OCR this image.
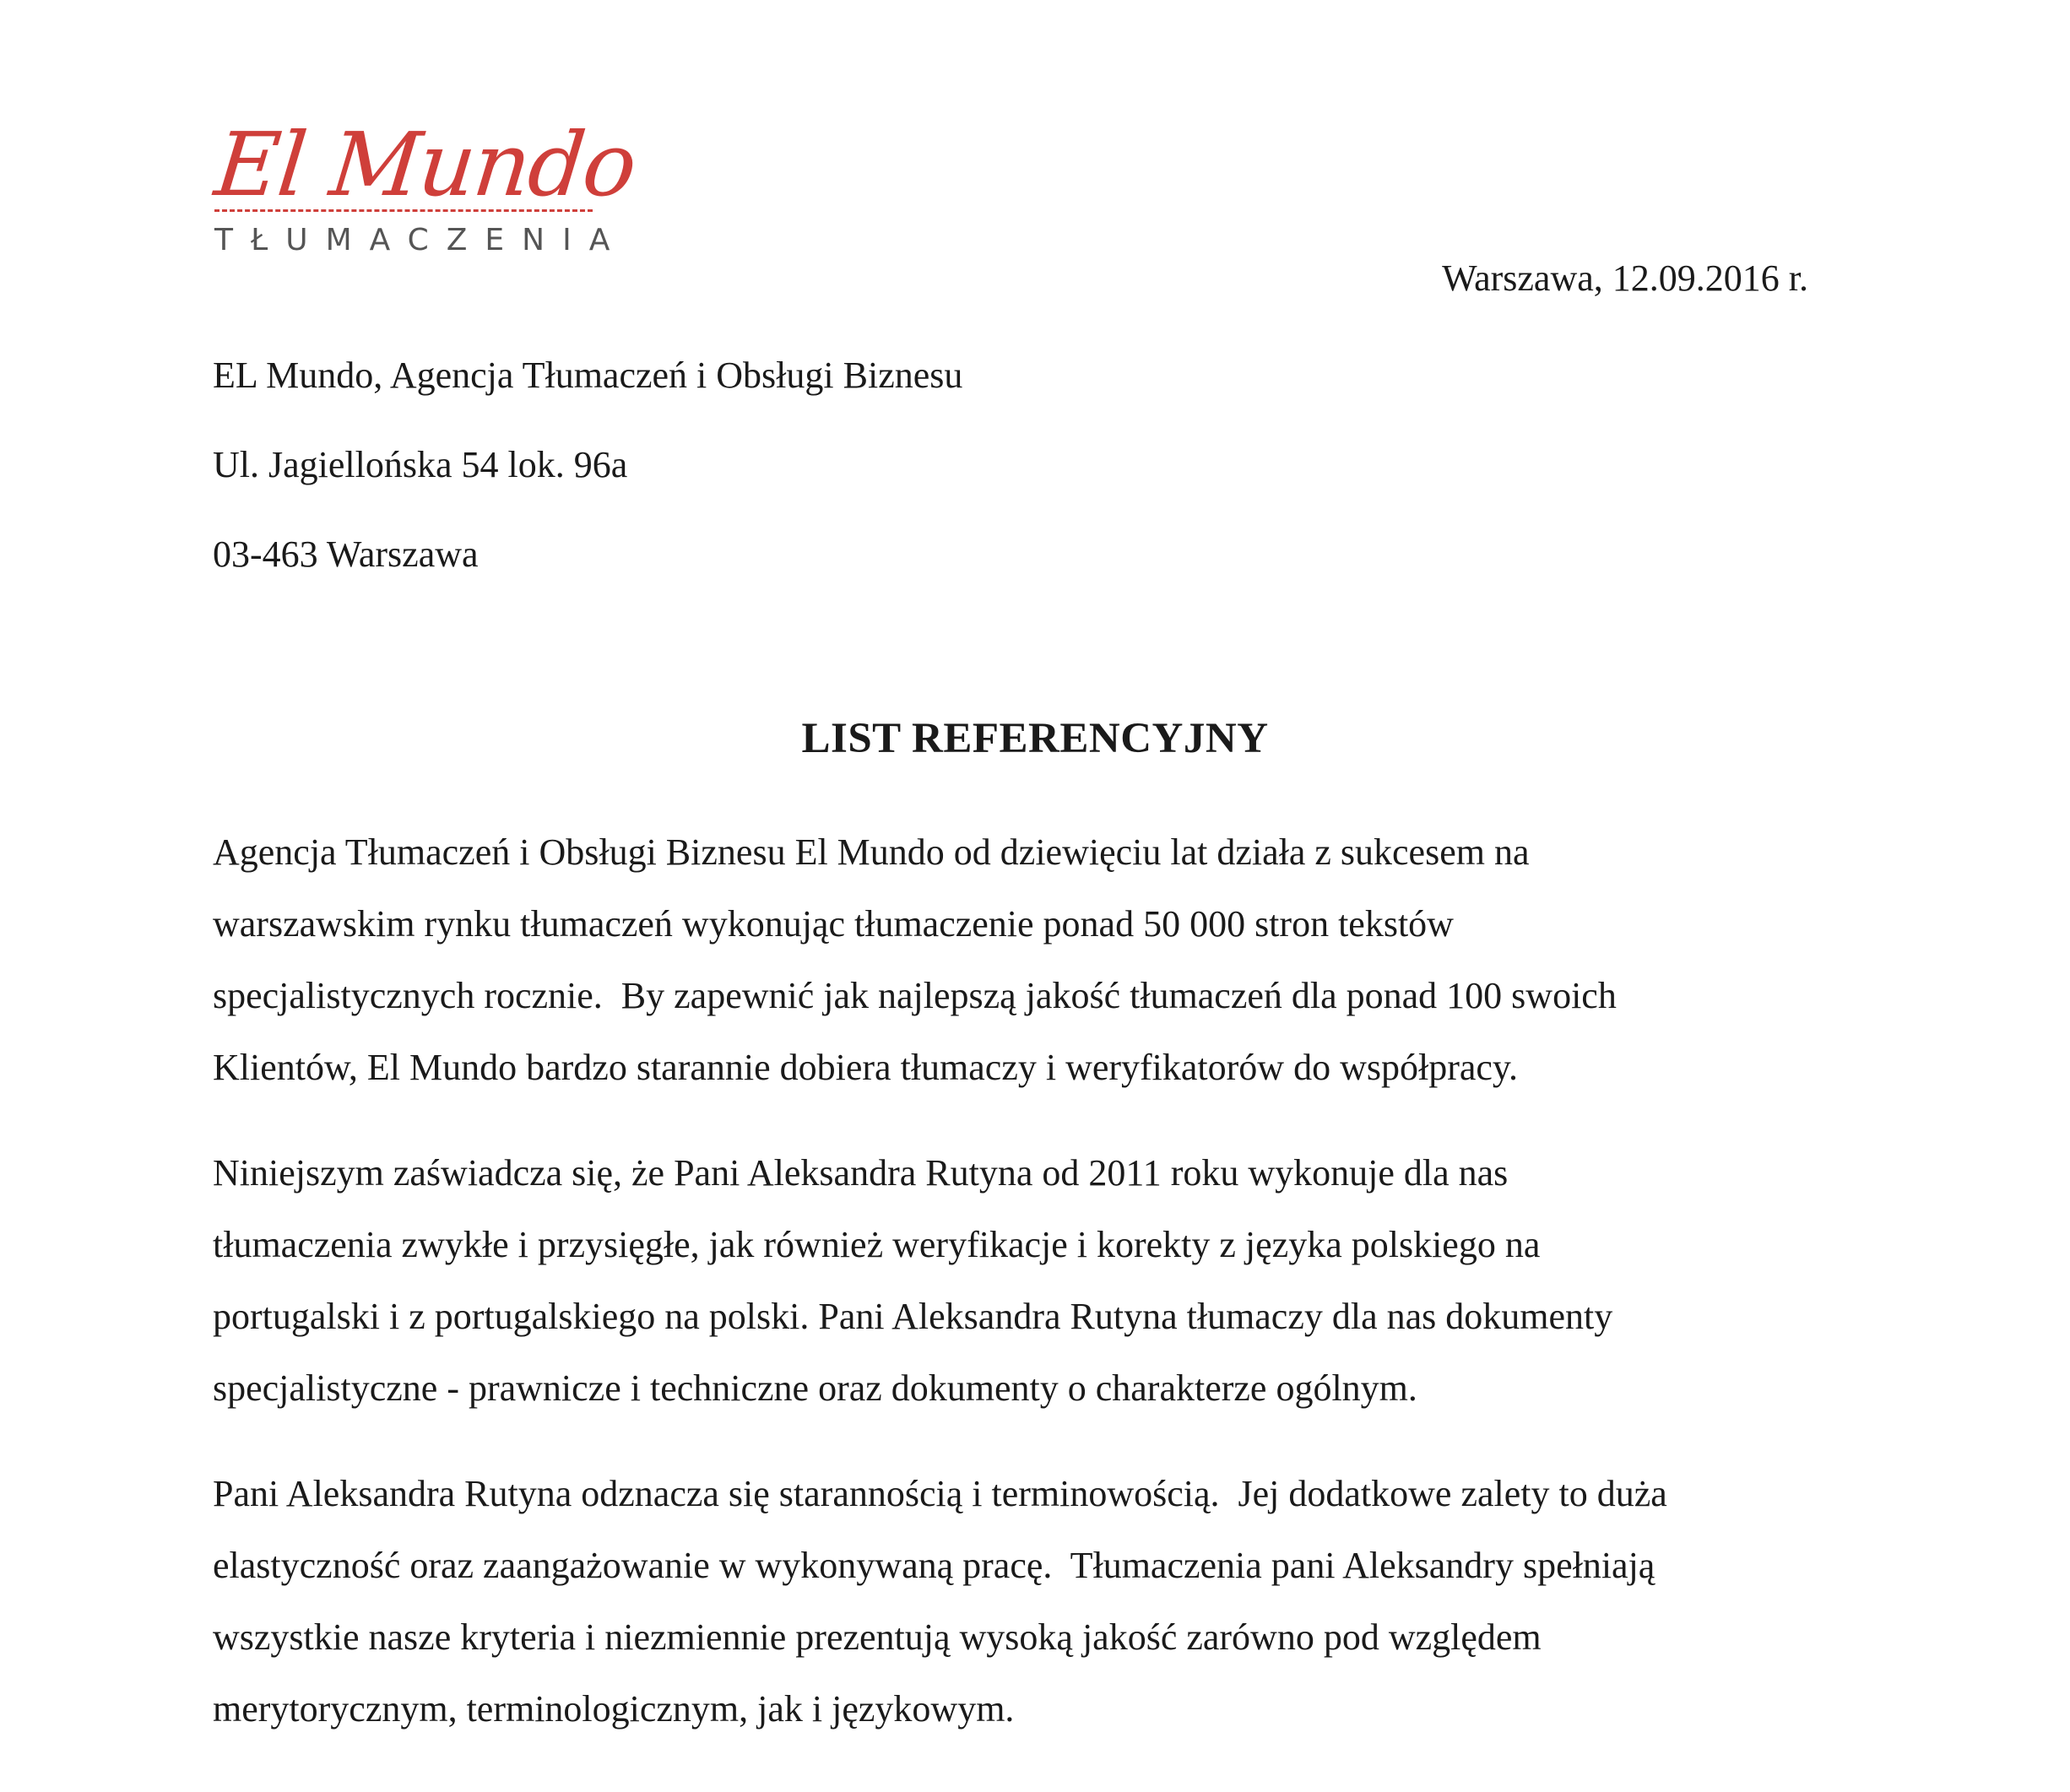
El Mundo
TŁUMACZENIA
Warszawa, 12.09.2016 r.
EL Mundo, Agencja Tłumaczeń i Obsługi Biznesu
Ul. Jagiellońska 54 lok. 96a
03-463 Warszawa
LIST REFERENCYJNY
Agencja Tłumaczeń i Obsługi Biznesu El Mundo od dziewięciu lat działa z sukcesem na
warszawskim rynku tłumaczeń wykonując tłumaczenie ponad 50 000 stron tekstów
specjalistycznych rocznie.  By zapewnić jak najlepszą jakość tłumaczeń dla ponad 100 swoich
Klientów, El Mundo bardzo starannie dobiera tłumaczy i weryfikatorów do współpracy.
Niniejszym zaświadcza się, że Pani Aleksandra Rutyna od 2011 roku wykonuje dla nas
tłumaczenia zwykłe i przysięgłe, jak również weryfikacje i korekty z języka polskiego na
portugalski i z portugalskiego na polski. Pani Aleksandra Rutyna tłumaczy dla nas dokumenty
specjalistyczne - prawnicze i techniczne oraz dokumenty o charakterze ogólnym.
Pani Aleksandra Rutyna odznacza się starannością i terminowością.  Jej dodatkowe zalety to duża
elastyczność oraz zaangażowanie w wykonywaną pracę.  Tłumaczenia pani Aleksandry spełniają
wszystkie nasze kryteria i niezmiennie prezentują wysoką jakość zarówno pod względem
merytorycznym, terminologicznym, jak i językowym.
